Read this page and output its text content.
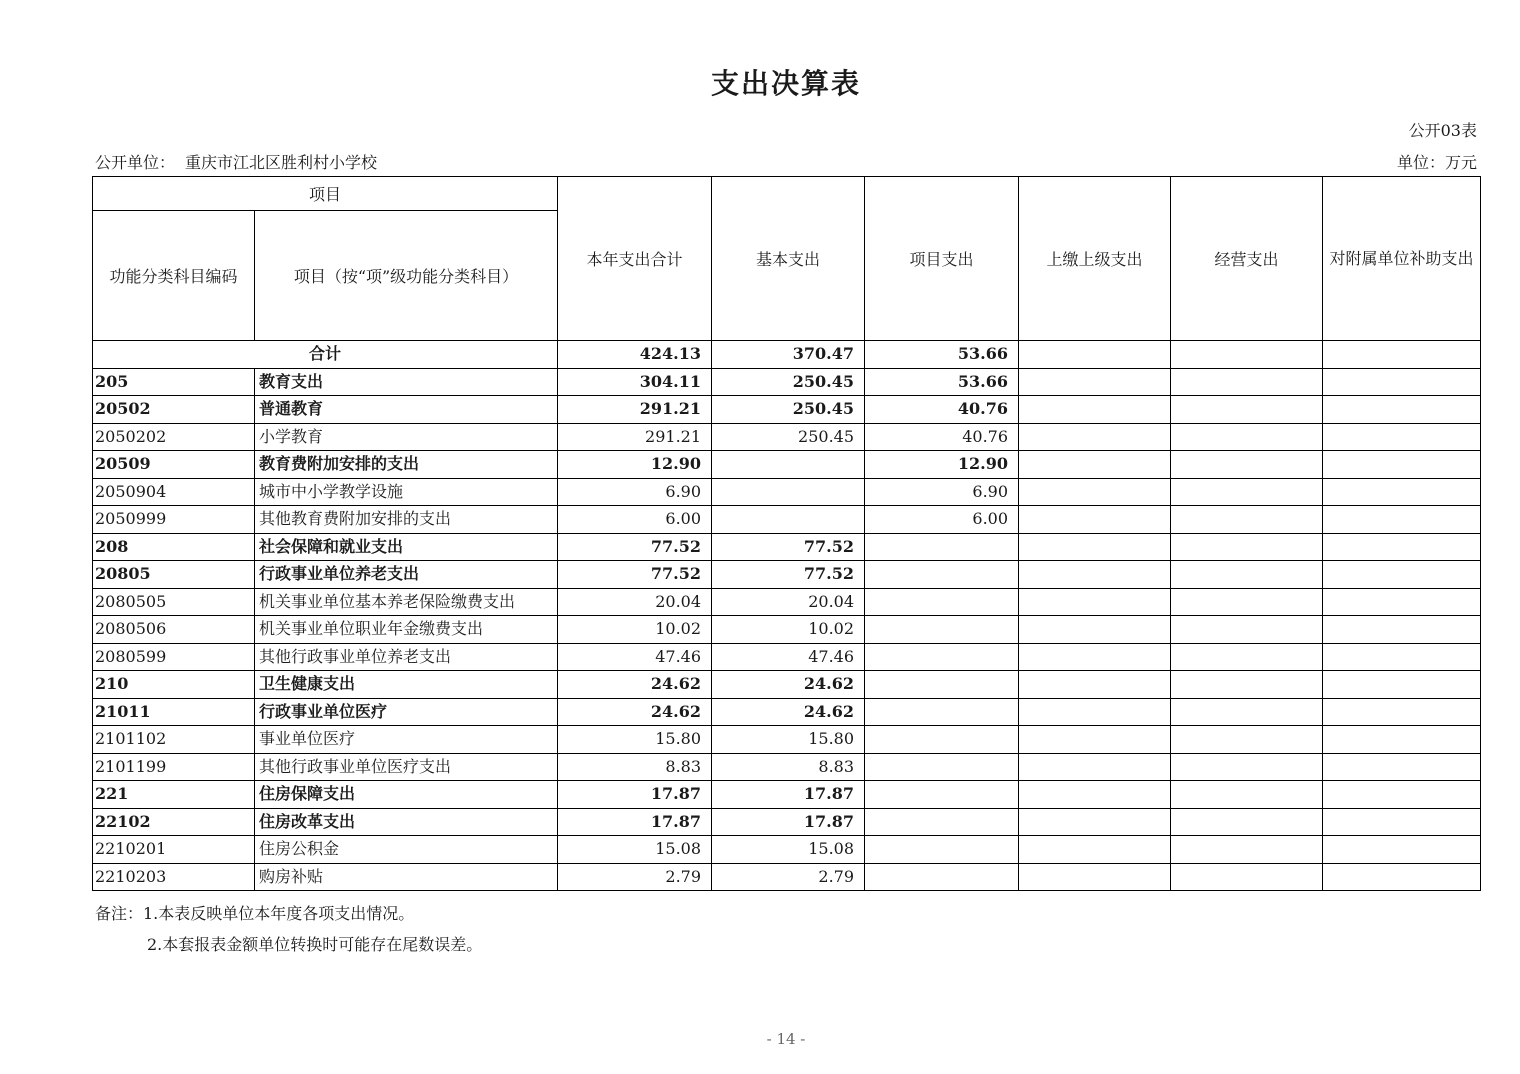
支出决算表
公开03表
公开单位： 重庆市江北区胜利村小学校	单位：万元
项目		本年支出合计	基本支出	项目支出	上缴上级支出	经营支出	对附属单位补助支出
功能分类科目编码	项目（按“项”级功能分类科目）						
合计		424.13	370.47	53.66			
205	教育支出	304.11	250.45	53.66			
20502	普通教育	291.21	250.45	40.76			
2050202	小学教育	291.21	250.45	40.76			
20509	教育费附加安排的支出	12.90		12.90			
2050904	城市中小学教学设施	6.90		6.90			
2050999	其他教育费附加安排的支出	6.00		6.00			
208	社会保障和就业支出	77.52	77.52				
20805	行政事业单位养老支出	77.52	77.52				
2080505	机关事业单位基本养老保险缴费支出	20.04	20.04				
2080506	机关事业单位职业年金缴费支出	10.02	10.02				
2080599	其他行政事业单位养老支出	47.46	47.46				
210	卫生健康支出	24.62	24.62				
21011	行政事业单位医疗	24.62	24.62				
2101102	事业单位医疗	15.80	15.80				
2101199	其他行政事业单位医疗支出	8.83	8.83				
221	住房保障支出	17.87	17.87				
22102	住房改革支出	17.87	17.87				
2210201	住房公积金	15.08	15.08				
2210203	购房补贴	2.79	2.79				
备注：1.本表反映单位本年度各项支出情况。
2.本套报表金额单位转换时可能存在尾数误差。
- 14 -
